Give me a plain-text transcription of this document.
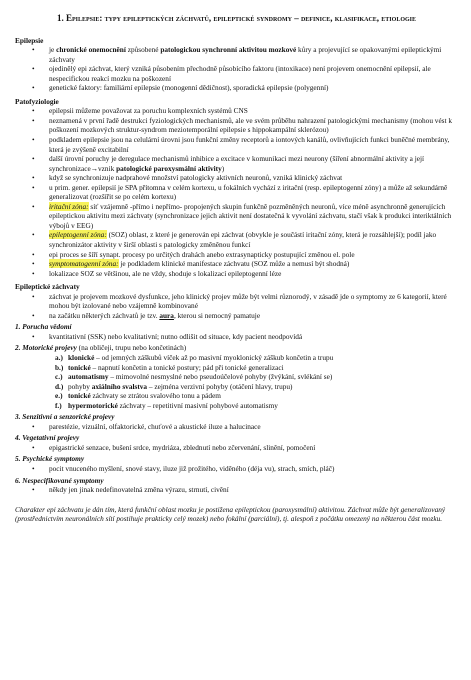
1. Epilepsie: typy epileptických záchvatů, epileptické syndromy – definice, klasifikace, etiologie
Epilepsie
• je chronické onemocnění způsobené patologickou synchronní aktivitou mozkové kůry a projevující se opakovanými epileptickými záchvaty
• ojedinělý epi záchvat, který vzniká působením přechodně působícího faktoru (intoxikace) není projevem onemocnění epilepsií, ale nespecifickou reakcí mozku na poškození
• genetické faktory: familiární epilepsie (monogenní dědičnost), sporadická epilepsie (polygenní)
Patofyziologie
• epilepsii můžeme považovat za poruchu komplexních systémů CNS
• neznamená v první řadě destrukci fyziologických mechanismů, ale ve svém průběhu nahrazení patologickými mechanismy (mohou vést k poškození mozkových struktur-syndrom meziotemporální epilepsie s hippokampální sklerózou)
• podkladem epilepsie jsou na celulární úrovni jsou funkční změny receptorů a iontových kanálů, ovlivňujících funkci buněčné membrány, která je zvýšeně excitabilní
• další úrovní poruchy je deregulace mechanismů inhibice a excitace v komunikaci mezi neurony (šíření abnormální aktivity a její synchronizace→vznik patologické paroxysmální aktivity)
• když se synchronizuje nadprahové množství patologicky aktivních neuronů, vzniká klinický záchvat
• u prim. gener. epilepsií je SPA přítomna v celém kortexu, u fokálních vychází z iritační (resp. epileptogenní zóny) a může až sekundárně generalizovat (rozšířit se po celém kortexu)
• iritační zóna: síť vzájemně -přímo i nepřímo- propojených skupin funkčně pozměněných neuronů, více méně asynchronně generujících epileptickou aktivitu mezi záchvaty (synchronizace jejich aktivit není dostatečná k vyvolání záchvatu, stačí však k produkci interiktálních výbojů v EEG)
• epileptogenní zóna: (SOZ) oblast, z které je generován epi záchvat (obvykle je součástí iritační zóny, která je rozsáhlejší); podíl jako synchronizátor aktivity v širší oblasti s patologicky změněnou funkcí
• epi proces se šíří synapt. procesy po určitých drahách anebo extrasynapticky postupující změnou el. pole
• symptomatogenní zóna: je podkladem klinické manifestace záchvatu (SOZ může a nemusí být shodná)
• lokalizace SOZ se většinou, ale ne vždy, shoduje s lokalizací epileptogenní léze
Epileptické záchvaty
• záchvat je projevem mozkové dysfunkce, jeho klinický projev může být velmi různorodý, v zásadě jde o symptomy ze 6 kategorií, které mohou být izolované nebo vzájemně kombinované
• na začátku některých záchvatů je tzv. aura, kterou si nemocný pamatuje
1. Porucha vědomí
• kvantitativní (SSK) nebo kvalitativní; nutno odlišit od situace, kdy pacient neodpovídá
2. Motorické projevy (na obličeji, trupu nebo končetinách)
a.) klonické – od jemných záškubů víček až po masivní myoklonický záškub končetin a trupu
b.) tonické – napnutí končetin a tonické postury; pád při tonické generalizaci
c.) automatismy – mimovolné nesmyslné nebo pseudoúčelové pohyby (žvýkání, svlékání se)
d.) pohyby axiálního svalstva – zejména verzivní pohyby (otáčení hlavy, trupu)
e.) tonické záchvaty se ztrátou svalového tonu a pádem
f.) hypermotorické záchvaty – repetitivní masivní pohybové automatismy
3. Senzitivní a senzorické projevy
• parestézie, vizuální, olfaktorické, chuťové a akustické iluze a halucinace
4. Vegetativní projevy
• epigastrické senzace, bušení srdce, mydriáza, zblednutí nebo zčervenání, slinění, pomočení
5. Psychické symptomy
• pocit vnuceného myšlení, snové stavy, iluze již prožitého, viděného (déja vu), strach, smích, pláč)
6. Nespecifikované symptomy
• někdy jen jinak nedefinovatelná změna výrazu, strnutí, civění
Charakter epi záchvatu je dán tím, která funkční oblast mozku je postižena epileptickou (paroxysmální) aktivitou. Záchvat může být generalizovaný (prostřednictvím neuronálních sítí postihuje prakticky celý mozek) nebo fokální (parciální), tj. alespoň z počátku omezený na některou část mozku.
